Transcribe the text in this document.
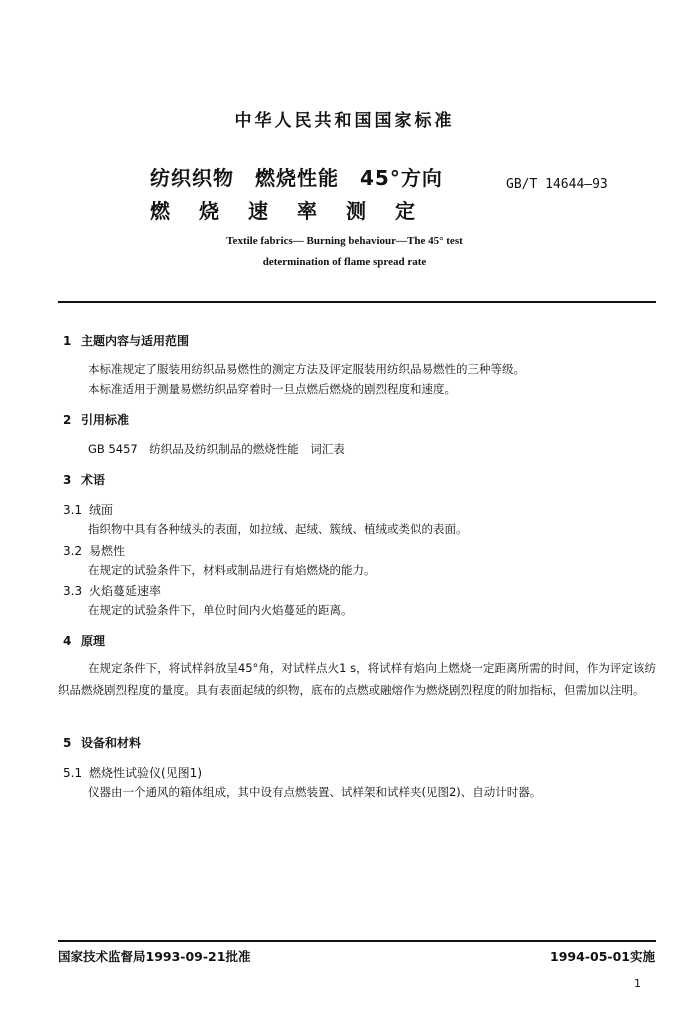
中华人民共和国国家标准
纺织织物　燃烧性能　45°方向
燃烧速率测定
GB/T 14644—93
Textile fabrics— Burning behaviour—The 45° test
determination of flame spread rate
1 主题内容与适用范围
本标准规定了服装用纺织品易燃性的测定方法及评定服装用纺织品易燃性的三种等级。
本标准适用于测量易燃纺织品穿着时一旦点燃后燃烧的剧烈程度和速度。
2 引用标准
GB 5457　纺织品及纺织制品的燃烧性能　词汇表
3 术语
3.1 绒面
指织物中具有各种绒头的表面，如拉绒、起绒、簇绒、植绒或类似的表面。
3.2 易燃性
在规定的试验条件下，材料或制品进行有焰燃烧的能力。
3.3 火焰蔓延速率
在规定的试验条件下，单位时间内火焰蔓延的距离。
4 原理
在规定条件下，将试样斜放呈45°角，对试样点火1 s，将试样有焰向上燃烧一定距离所需的时间，作为评定该纺织品燃烧剧烈程度的量度。具有表面起绒的织物，底布的点燃或融熔作为燃烧剧烈程度的附加指标，但需加以注明。
5 设备和材料
5.1 燃烧性试验仪(见图1)
仪器由一个通风的箱体组成，其中设有点燃装置、试样架和试样夹(见图2)、自动计时器。
国家技术监督局1993-09-21批准	1994-05-01实施
1
